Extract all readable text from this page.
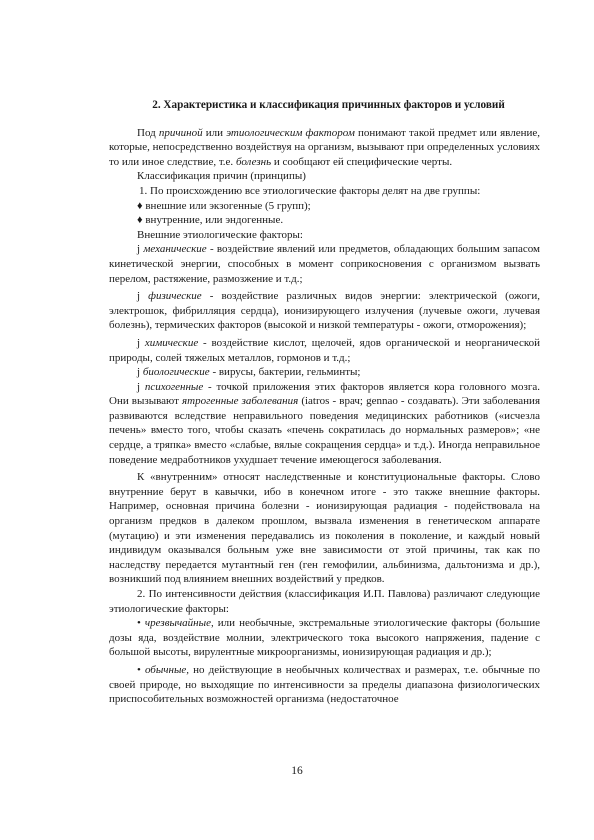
2. Характеристика и классификация причинных факторов и условий

Под причиной или этиологическим фактором понимают такой предмет или явление, которые, непосредственно воздействуя на организм, вызывают при определенных условиях то или иное следствие, т.е. болезнь и сообщают ей специфические черты.

Классификация причин (принципы)

1. По происхождению все этиологические факторы делят на две группы:

♦ внешние или экзогенные (5 групп);

♦ внутренние, или эндогенные.

Внешние этиологические факторы:

j механические - воздействие явлений или предметов, обладающих большим запасом кинетической энергии, способных в момент соприкосновения с организмом вызвать перелом, растяжение, размозжение и т.д.;

j физические - воздействие различных видов энергии: электрической (ожоги, электрошок, фибрилляция сердца), ионизирующего излучения (лучевые ожоги, лучевая болезнь), термических факторов (высокой и низкой температуры - ожоги, отморожения);

j химические - воздействие кислот, щелочей, ядов органической и неорганической природы, солей тяжелых металлов, гормонов и т.д.;

j биологические - вирусы, бактерии, гельминты;

j психогенные - точкой приложения этих факторов является кора головного мозга. Они вызывают ятрогенные заболевания (iatros - врач; gennao - создавать). Эти заболевания развиваются вследствие неправильного поведения медицинских работников («исчезла печень» вместо того, чтобы сказать «печень сократилась до нормальных размеров»; «не сердце, а тряпка» вместо «слабые, вялые сокращения сердца» и т.д.). Иногда неправильное поведение медработников ухудшает течение имеющегося заболевания.

К «внутренним» относят наследственные и конституциональные факторы. Слово внутренние берут в кавычки, ибо в конечном итоге - это также внешние факторы. Например, основная причина болезни - ионизирующая радиация - подействовала на организм предков в далеком прошлом, вызвала изменения в генетическом аппарате (мутацию) и эти изменения передавались из поколения в поколение, и каждый новый индивидум оказывался больным уже вне зависимости от этой причины, так как по наследству передается мутантный ген (ген гемофилии, альбинизма, дальтонизма и др.), возникший под влиянием внешних воздействий у предков.

2. По интенсивности действия (классификация И.П. Павлова) различают следующие этиологические факторы:

• чрезвычайные, или необычные, экстремальные этиологические факторы (большие дозы яда, воздействие молнии, электрического тока высокого напряжения, падение с большой высоты, вирулентные микроорганизмы, ионизирующая радиация и др.);

• обычные, но действующие в необычных количествах и размерах, т.е. обычные по своей природе, но выходящие по интенсивности за пределы диапазона физиологических приспособительных возможностей организма (недостаточное

16
